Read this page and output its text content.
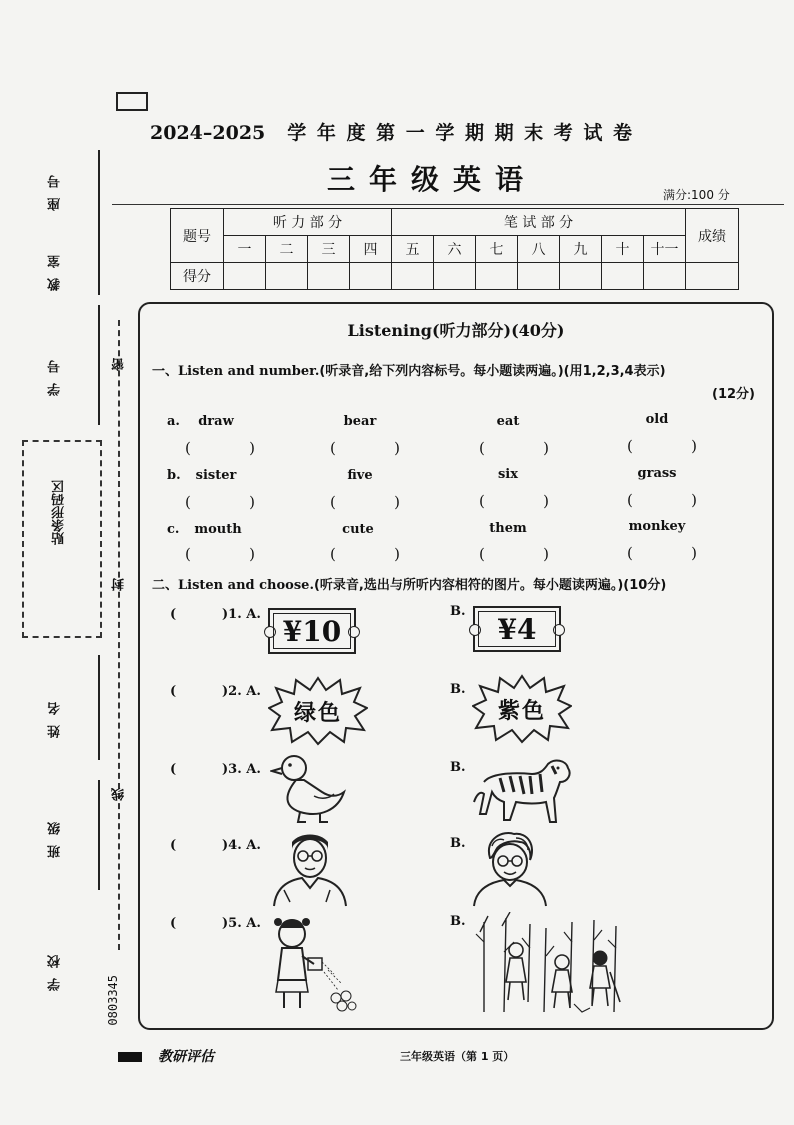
座号
教室
学号
贴条形码区
姓名
班级
学校
密
封
线
0803345
2024–2025 学 年 度 第 一 学 期 期 末 考 试 卷
三年级英语	满分:100 分
题号	听 力 部 分				笔 试 部 分							成绩
	一	二	三	四	五	六	七	八	九	十	十一	
得分												
Listening(听力部分)(40分)
一、Listen and number.(听录音,给下列内容标号。每小题读两遍。)(用1,2,3,4表示)
(12分)
a.	draw	bear	eat	old
(	)	(	)	(	)	(	)
b.	sister	five	six	grass
(	)	(	)	(	)	(	)
c.	mouth	cute	them	monkey
(	)	(	)	(	)	(	)
二、Listen and choose.(听录音,选出与所听内容相符的图片。每小题读两遍。)(10分)
(	)1. A. ¥10
B.
¥4
(	)2. A.
绿色
B.
紫色
(	)3. A.	B.
(	)4. A.	B.
(	)5. A.	B.
教研评估	三年级英语（第 1 页）
